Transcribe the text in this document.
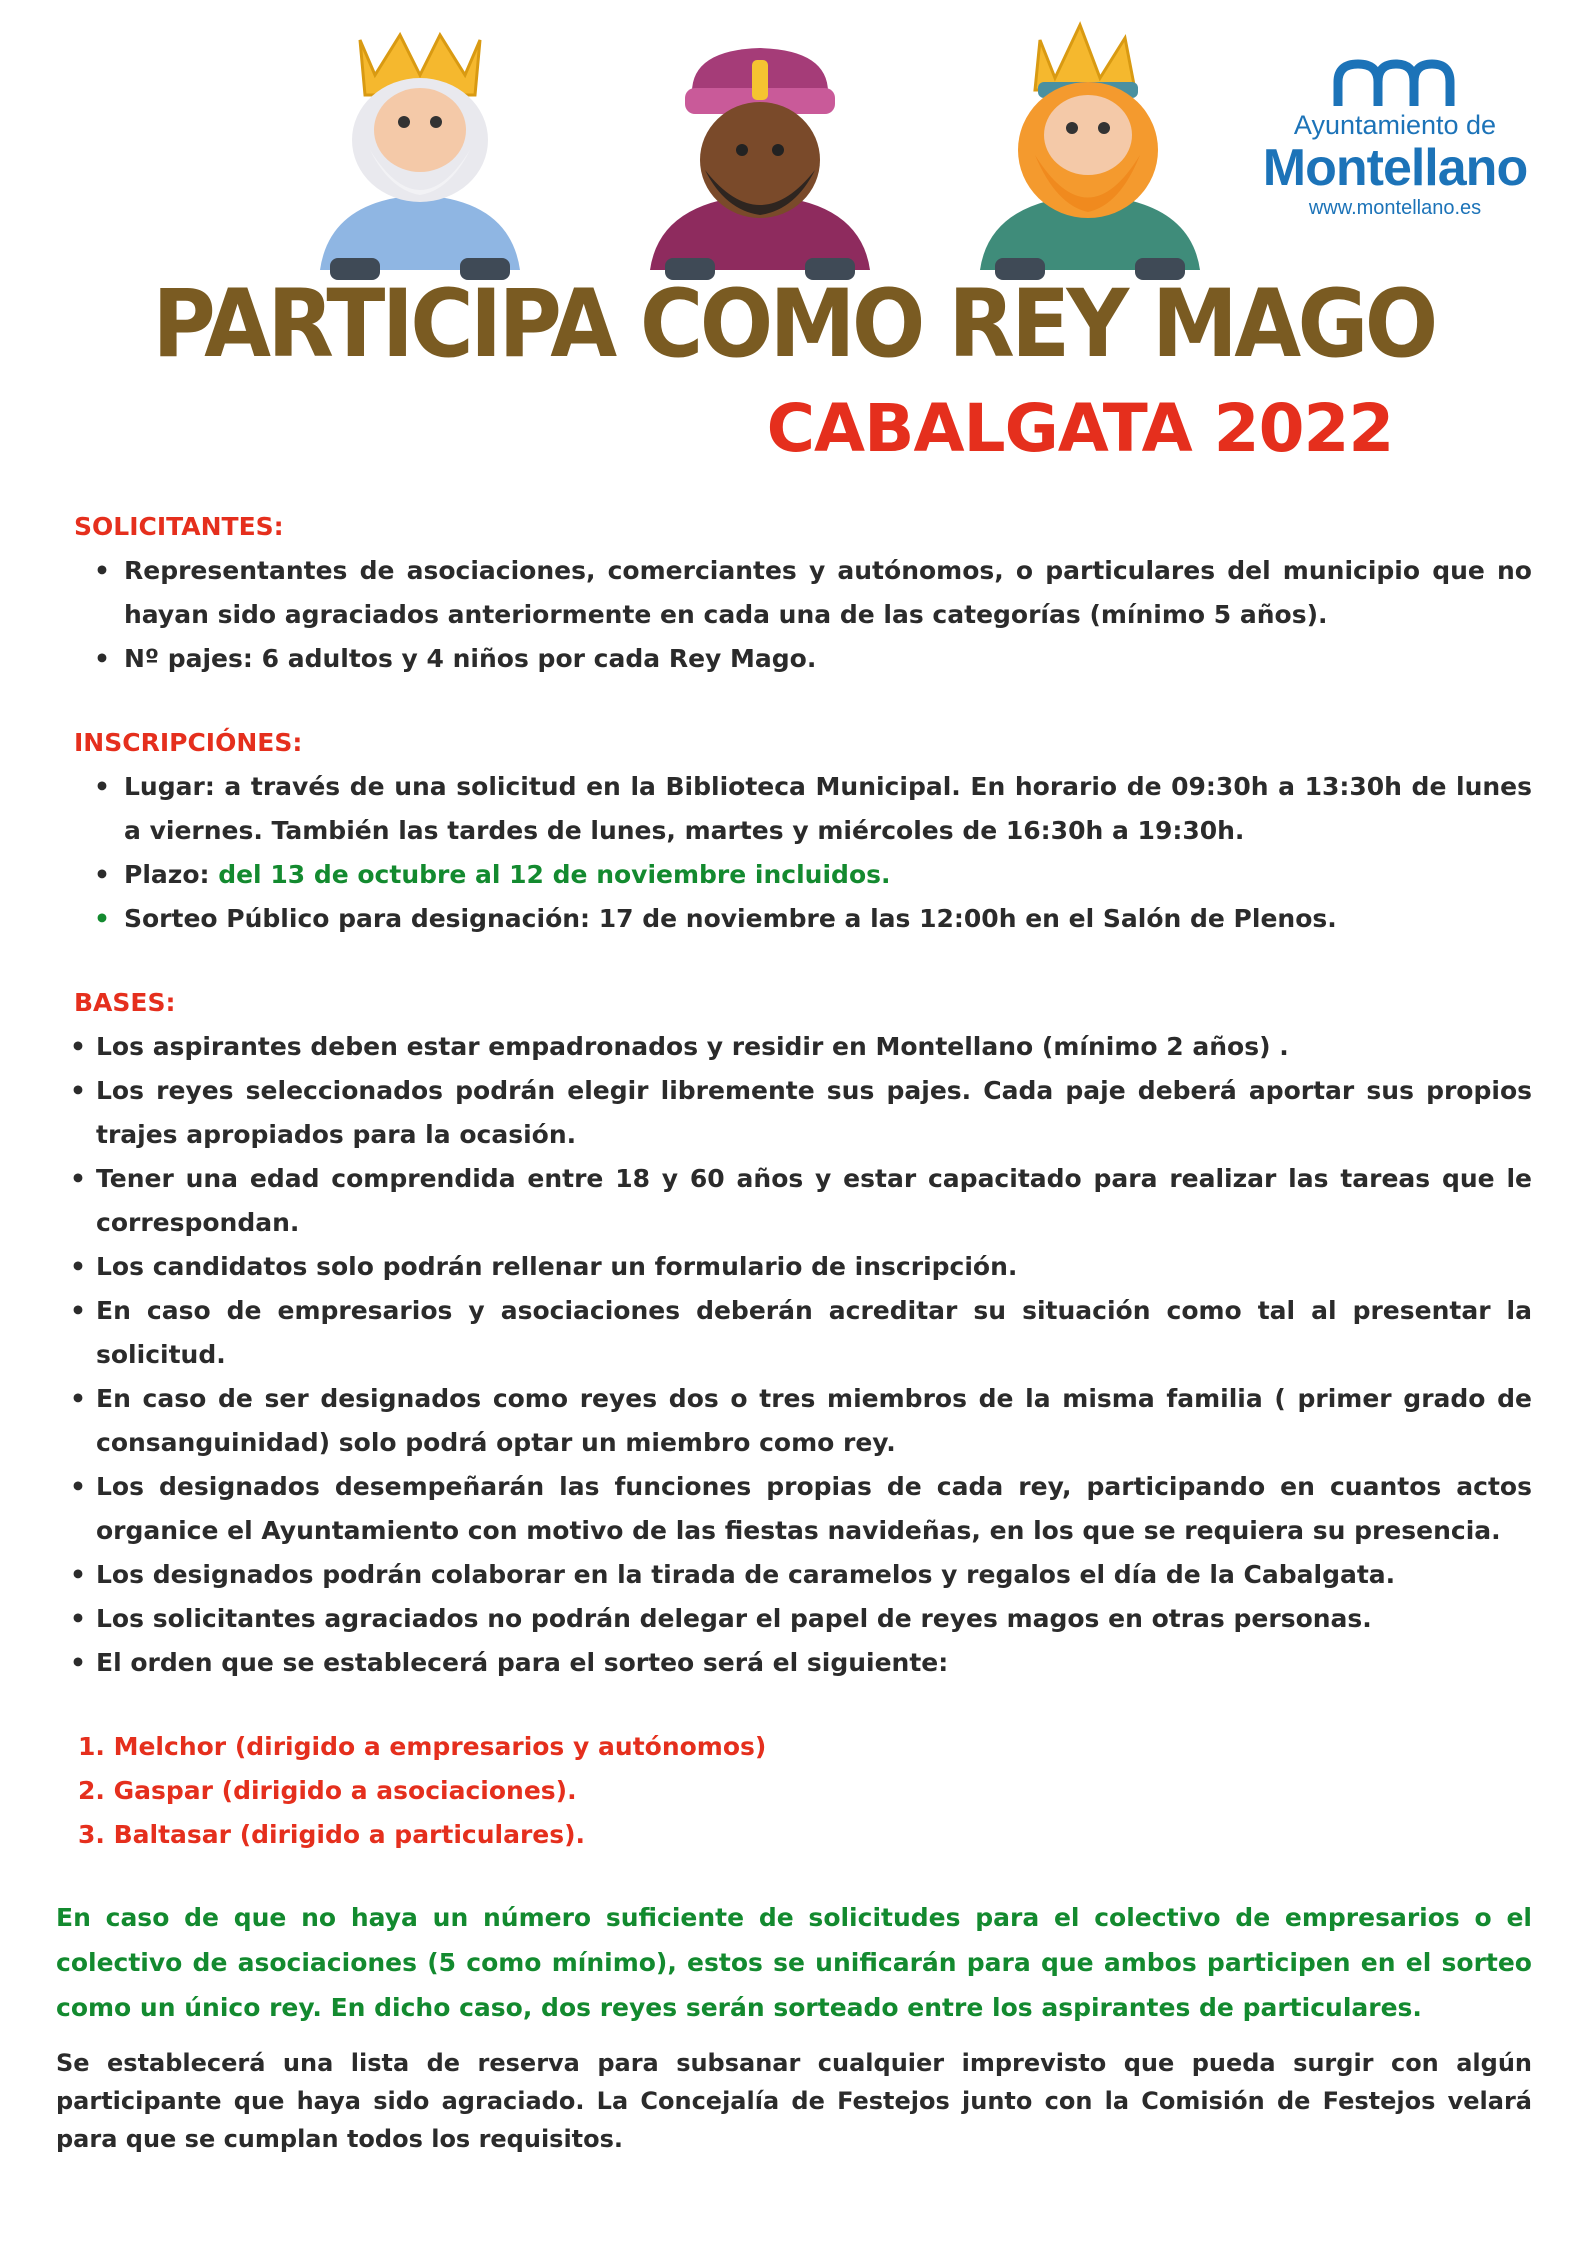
Ayuntamiento de
Montellano
www.montellano.es
PARTICIPA COMO REY MAGO
CABALGATA 2022
SOLICITANTES:
• Representantes de asociaciones, comerciantes y autónomos, o particulares del municipio que no hayan sido agraciados anteriormente en cada una de las categorías (mínimo 5 años).
• Nº pajes: 6 adultos y 4 niños por cada Rey Mago.
INSCRIPCIÓNES:
• Lugar: a través de una solicitud en la Biblioteca Municipal. En horario de 09:30h a 13:30h de lunes a viernes. También las tardes de lunes, martes y miércoles de 16:30h a 19:30h.
• Plazo: del 13 de octubre al 12 de noviembre incluidos.
• Sorteo Público para designación: 17 de noviembre a las 12:00h en el Salón de Plenos.
BASES:
• Los aspirantes deben estar empadronados y residir en Montellano (mínimo 2 años) .
• Los reyes seleccionados podrán elegir libremente sus pajes. Cada paje deberá aportar sus propios trajes apropiados para la ocasión.
• Tener una edad comprendida entre 18 y 60 años y estar capacitado para realizar las tareas que le correspondan.
• Los candidatos solo podrán rellenar un formulario de inscripción.
• En caso de empresarios y asociaciones deberán acreditar su situación como tal al presentar la solicitud.
• En caso de ser designados como reyes dos o tres miembros de la misma familia ( primer grado de consanguinidad) solo podrá optar un miembro como rey.
• Los designados desempeñarán las funciones propias de cada rey, participando en cuantos actos organice el Ayuntamiento con motivo de las fiestas navideñas, en los que se requiera su presencia.
• Los designados podrán colaborar en la tirada de caramelos y regalos el día de la Cabalgata.
• Los solicitantes agraciados no podrán delegar el papel de reyes magos en otras personas.
• El orden que se establecerá para el sorteo será el siguiente:
1. Melchor (dirigido a empresarios y autónomos)
2. Gaspar (dirigido a asociaciones).
3. Baltasar (dirigido a particulares).
En caso de que no haya un número suficiente de solicitudes para el colectivo de empresarios o el colectivo de asociaciones (5 como mínimo), estos se unificarán para que ambos participen en el sorteo como un único rey. En dicho caso, dos reyes serán sorteado entre los aspirantes de particulares.
Se establecerá una lista de reserva para subsanar cualquier imprevisto que pueda surgir con algún participante que haya sido agraciado. La Concejalía de Festejos junto con la Comisión de Festejos velará para que se cumplan todos los requisitos.
